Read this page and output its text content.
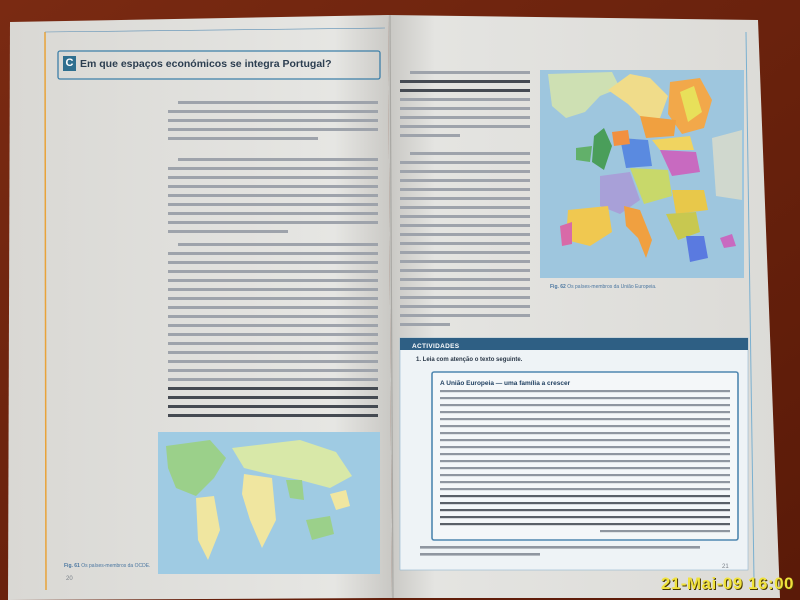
C Em que espaços económicos se integra Portugal?
Fig. 61 Os países-membros da OCDE.
Fig. 62 Os países-membros da União Europeia.
ACTIVIDADES
1. Leia com atenção o texto seguinte.
A União Europeia — uma família a crescer
20
21
21-Mai-09 16:00
